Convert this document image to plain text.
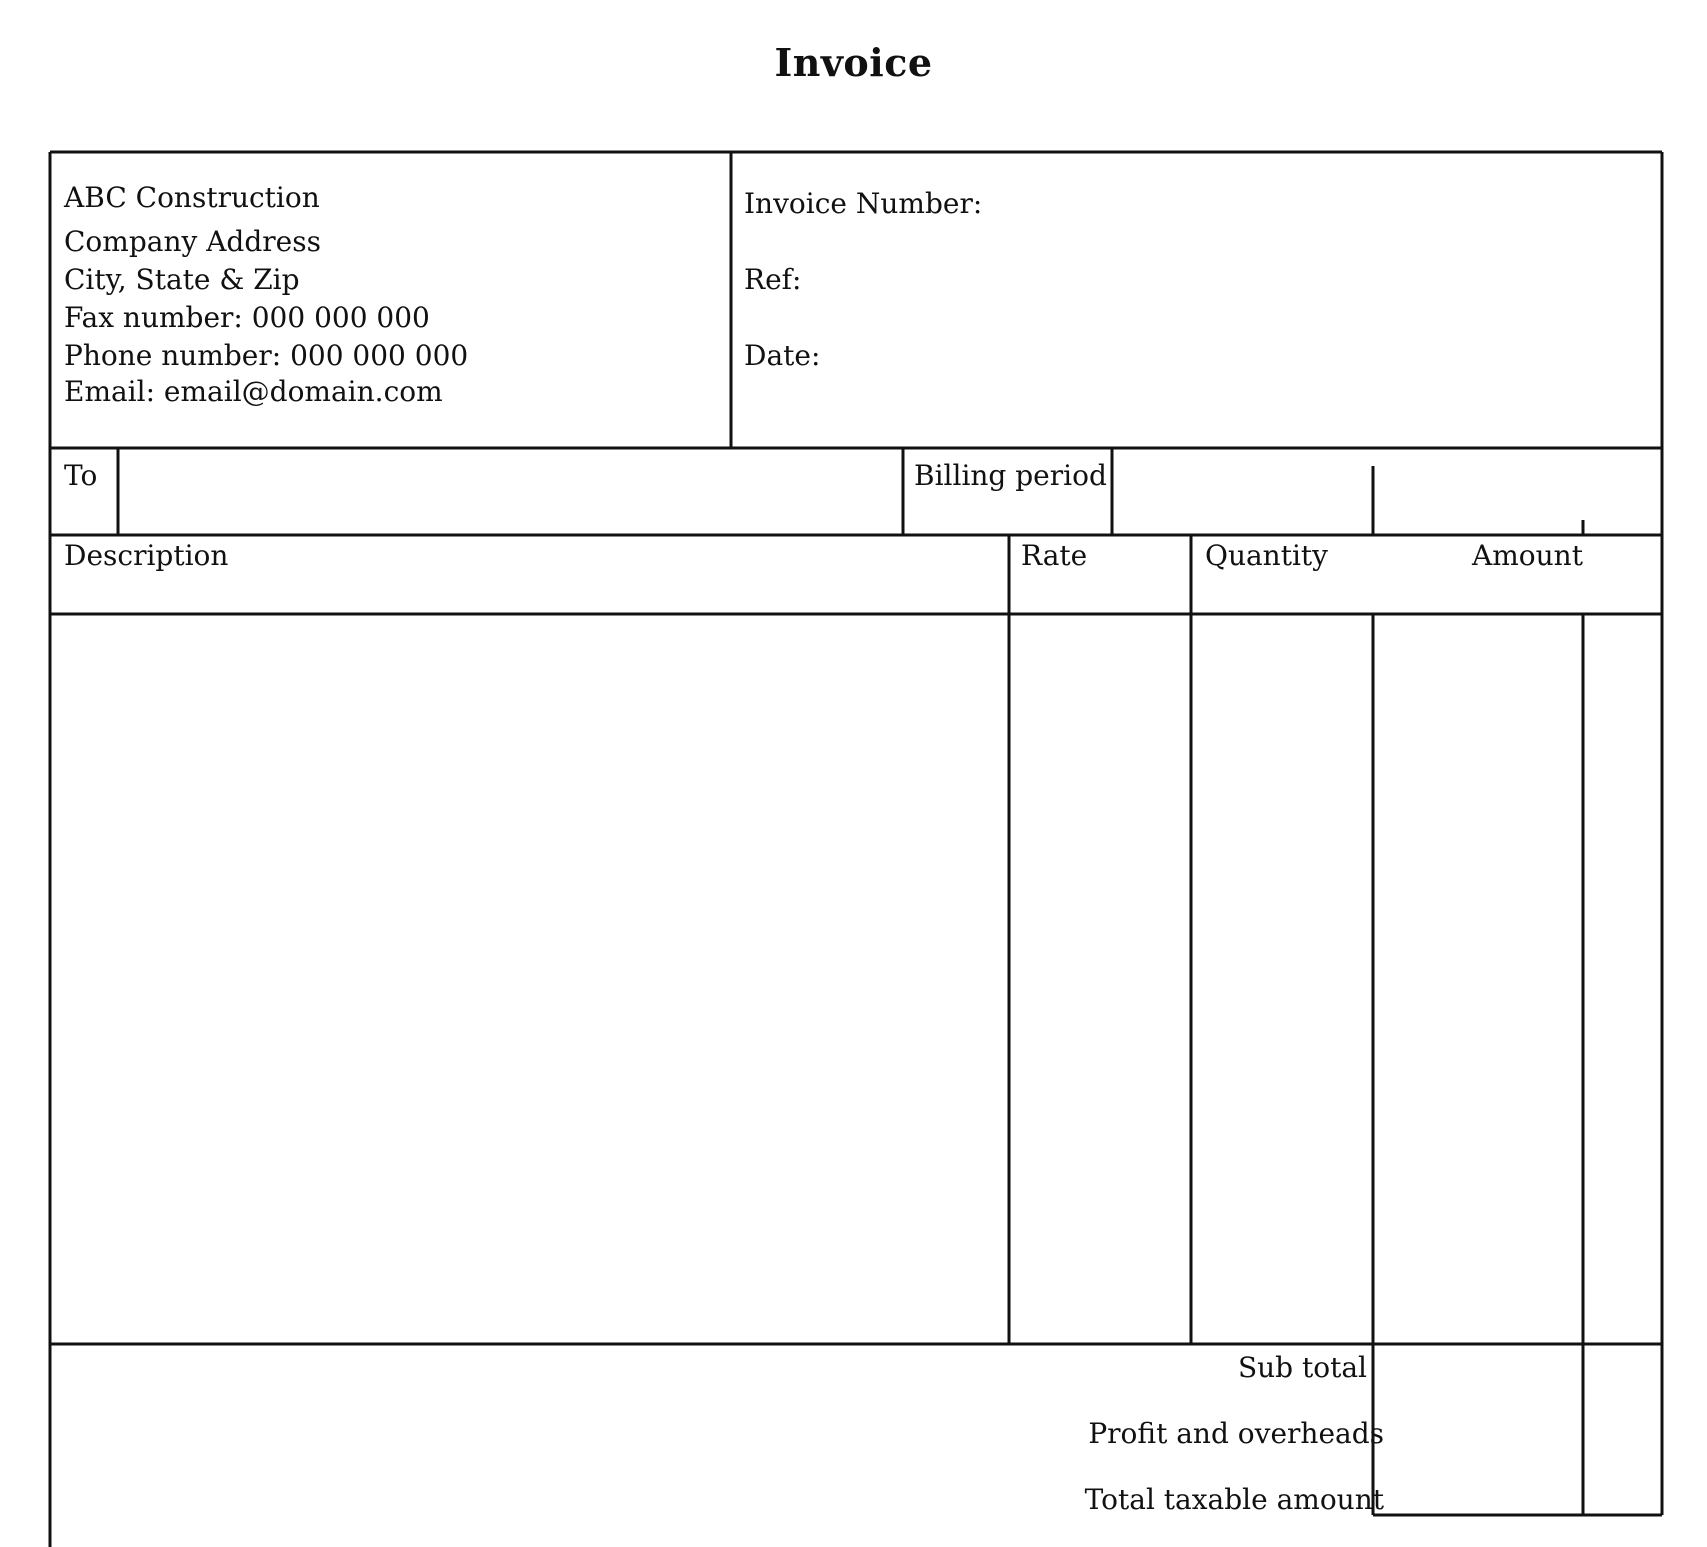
Invoice
ABC Construction
Company Address
City, State & Zip
Fax number: 000 000 000
Phone number: 000 000 000
Email: email@domain.com
Invoice Number:
Ref:
Date:
To	Billing period
Description	Rate	Quantity	Amount
Sub total
Profit and overheads
Total taxable amount
